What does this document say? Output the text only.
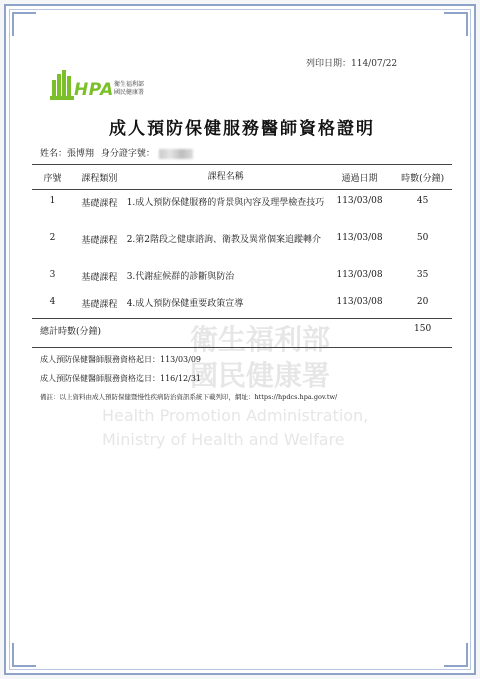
衛生福利部
國民健康署
Health Promotion Administration,
Ministry of Health and Welfare
列印日期：114/07/22
HPA 衛生福利部
國民健康署
成人預防保健服務醫師資格證明
姓名：張博翔 身分證字號：
序號	課程類別	課程名稱	通過日期	時數(分鐘)
1	基礎課程	1.成人預防保健服務的背景與內容及理學檢查技巧	113/03/08	45
2	基礎課程	2.第2階段之健康諮詢、衛教及異常個案追蹤轉介	113/03/08	50
3	基礎課程	3.代謝症候群的診斷與防治	113/03/08	35
4	基礎課程	4.成人預防保健重要政策宣導	113/03/08	20
總計時數(分鐘)				150
成人預防保健醫師服務資格起日：113/03/09
成人預防保健醫師服務資格迄日：116/12/31
備註：以上資料由成人預防保健暨慢性疾病防治資訊系統下載列印，網址：https://hpdcs.hpa.gov.tw/
